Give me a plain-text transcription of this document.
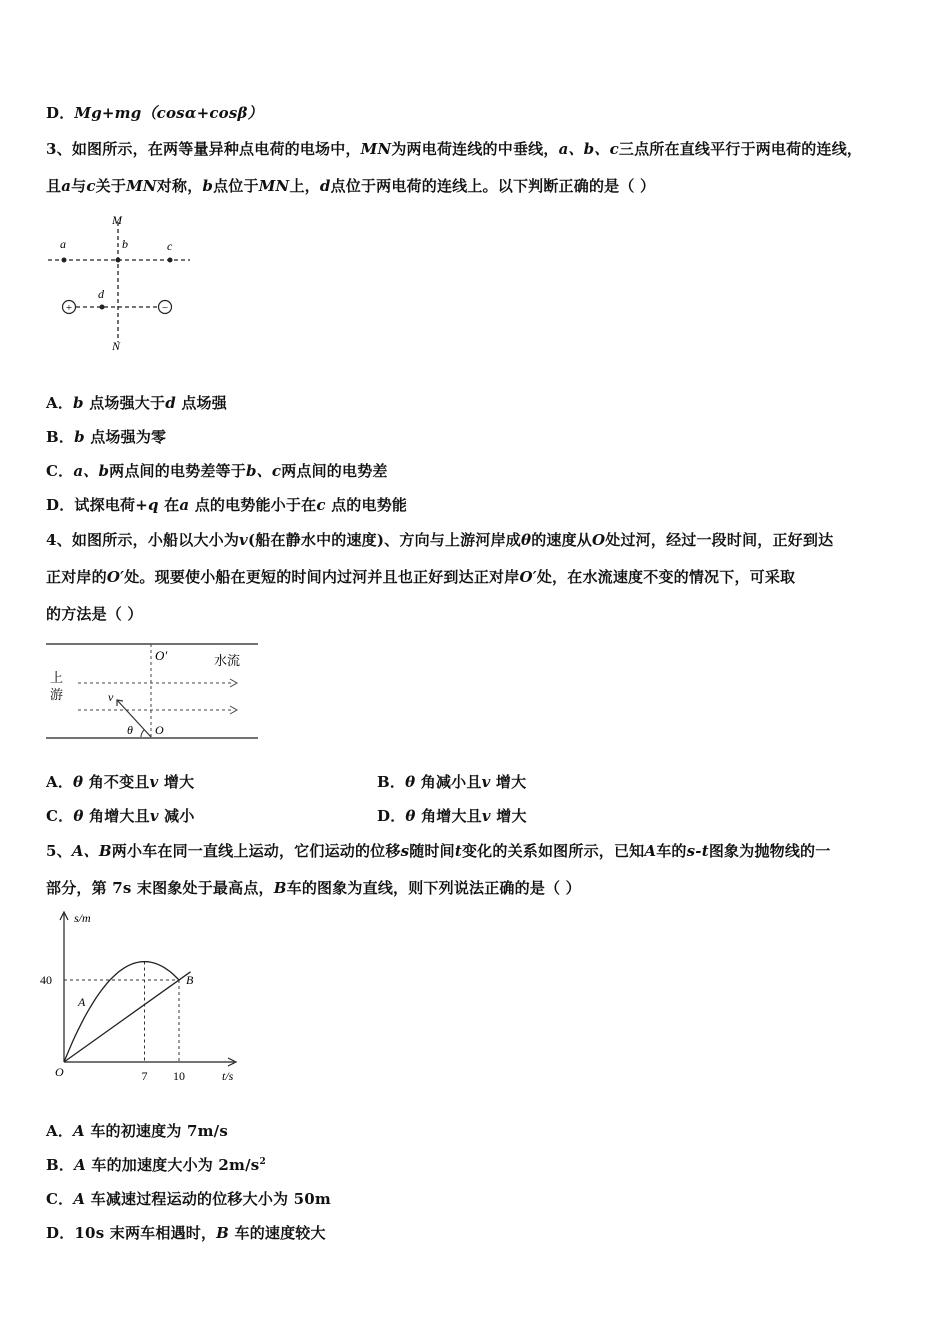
D．Mg+mg（cosα+cosβ）
3、如图所示，在两等量异种点电荷的电场中，MN为两电荷连线的中垂线，a、b、c三点所在直线平行于两电荷的连线，
且a与c关于MN对称，b点位于MN上，d点位于两电荷的连线上。以下判断正确的是（ ）
+	−
M
N
a	b	c
d
A．b 点场强大于d 点场强
B．b 点场强为零
C．a、b两点间的电势差等于b、c两点间的电势差
D．试探电荷+q 在a 点的电势能小于在c 点的电势能
4、如图所示，小船以大小为v(船在静水中的速度)、方向与上游河岸成θ的速度从O处过河，经过一段时间，正好到达
正对岸的O′处。现要使小船在更短的时间内过河并且也正好到达正对岸O′处，在水流速度不变的情况下，可采取
的方法是（ ）
O′	水流
上
游	v
θ O
A．θ 角不变且v 增大	B．θ 角减小且v 增大
C．θ 角增大且v 减小	D．θ 角增大且v 增大
5、A、B两小车在同一直线上运动，它们运动的位移s随时间t变化的关系如图所示，已知A车的s-t图象为抛物线的一
部分，第 7s 末图象处于最高点，B车的图象为直线，则下列说法正确的是（ ）
s/m
t/s
O
40
7 10
A
B
A．A 车的初速度为 7m/s
B．A 车的加速度大小为 $2m/s^2$
C．A 车减速过程运动的位移大小为 50m
D．10s 末两车相遇时，B 车的速度较大
